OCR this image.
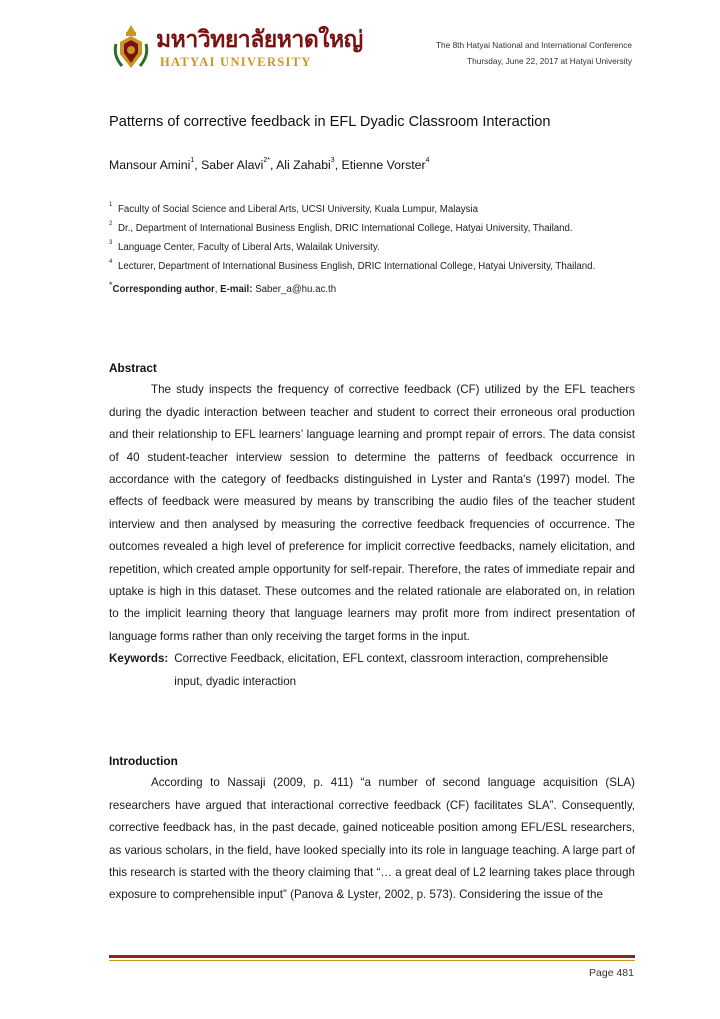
มหาวิทยาลัยหาดใหญ่
HATYAI UNIVERSITY
The 8th Hatyai National and International Conference
Thursday, June 22, 2017 at Hatyai University
Patterns of corrective feedback in EFL Dyadic Classroom Interaction
Mansour Amini$^1$, Saber Alavi$^{2*}$, Ali Zahabi$^3$, Etienne Vorster$^4$
1 Faculty of Social Science and Liberal Arts, UCSI University, Kuala Lumpur, Malaysia
2 Dr., Department of International Business English, DRIC International College, Hatyai University, Thailand.
3 Language Center, Faculty of Liberal Arts, Walailak University.
4 Lecturer, Department of International Business English, DRIC International College, Hatyai University, Thailand.
*Corresponding author, E-mail: Saber_a@hu.ac.th
Abstract
The study inspects the frequency of corrective feedback (CF) utilized by the EFL teachers during the dyadic interaction between teacher and student to correct their erroneous oral production and their relationship to EFL learners’ language learning and prompt repair of errors. The data consist of 40 student-teacher interview session to determine the patterns of feedback occurrence in accordance with the category of feedbacks distinguished in Lyster and Ranta's (1997) model. The effects of feedback were measured by means by transcribing the audio files of the teacher student interview and then analysed by measuring the corrective feedback frequencies of occurrence. The outcomes revealed a high level of preference for implicit corrective feedbacks, namely elicitation, and repetition, which created ample opportunity for self-repair. Therefore, the rates of immediate repair and uptake is high in this dataset. These outcomes and the related rationale are elaborated on, in relation to the implicit learning theory that language learners may profit more from indirect presentation of language forms rather than only receiving the target forms in the input.
Keywords: Corrective Feedback, elicitation, EFL context, classroom interaction, comprehensible input, dyadic interaction
Introduction
According to Nassaji (2009, p. 411) “a number of second language acquisition (SLA) researchers have argued that interactional corrective feedback (CF) facilitates SLA”. Consequently, corrective feedback has, in the past decade, gained noticeable position among EFL/ESL researchers, as various scholars, in the field, have looked specially into its role in language teaching. A large part of this research is started with the theory claiming that “… a great deal of L2 learning takes place through exposure to comprehensible input” (Panova & Lyster, 2002, p. 573). Considering the issue of the
Page 481
